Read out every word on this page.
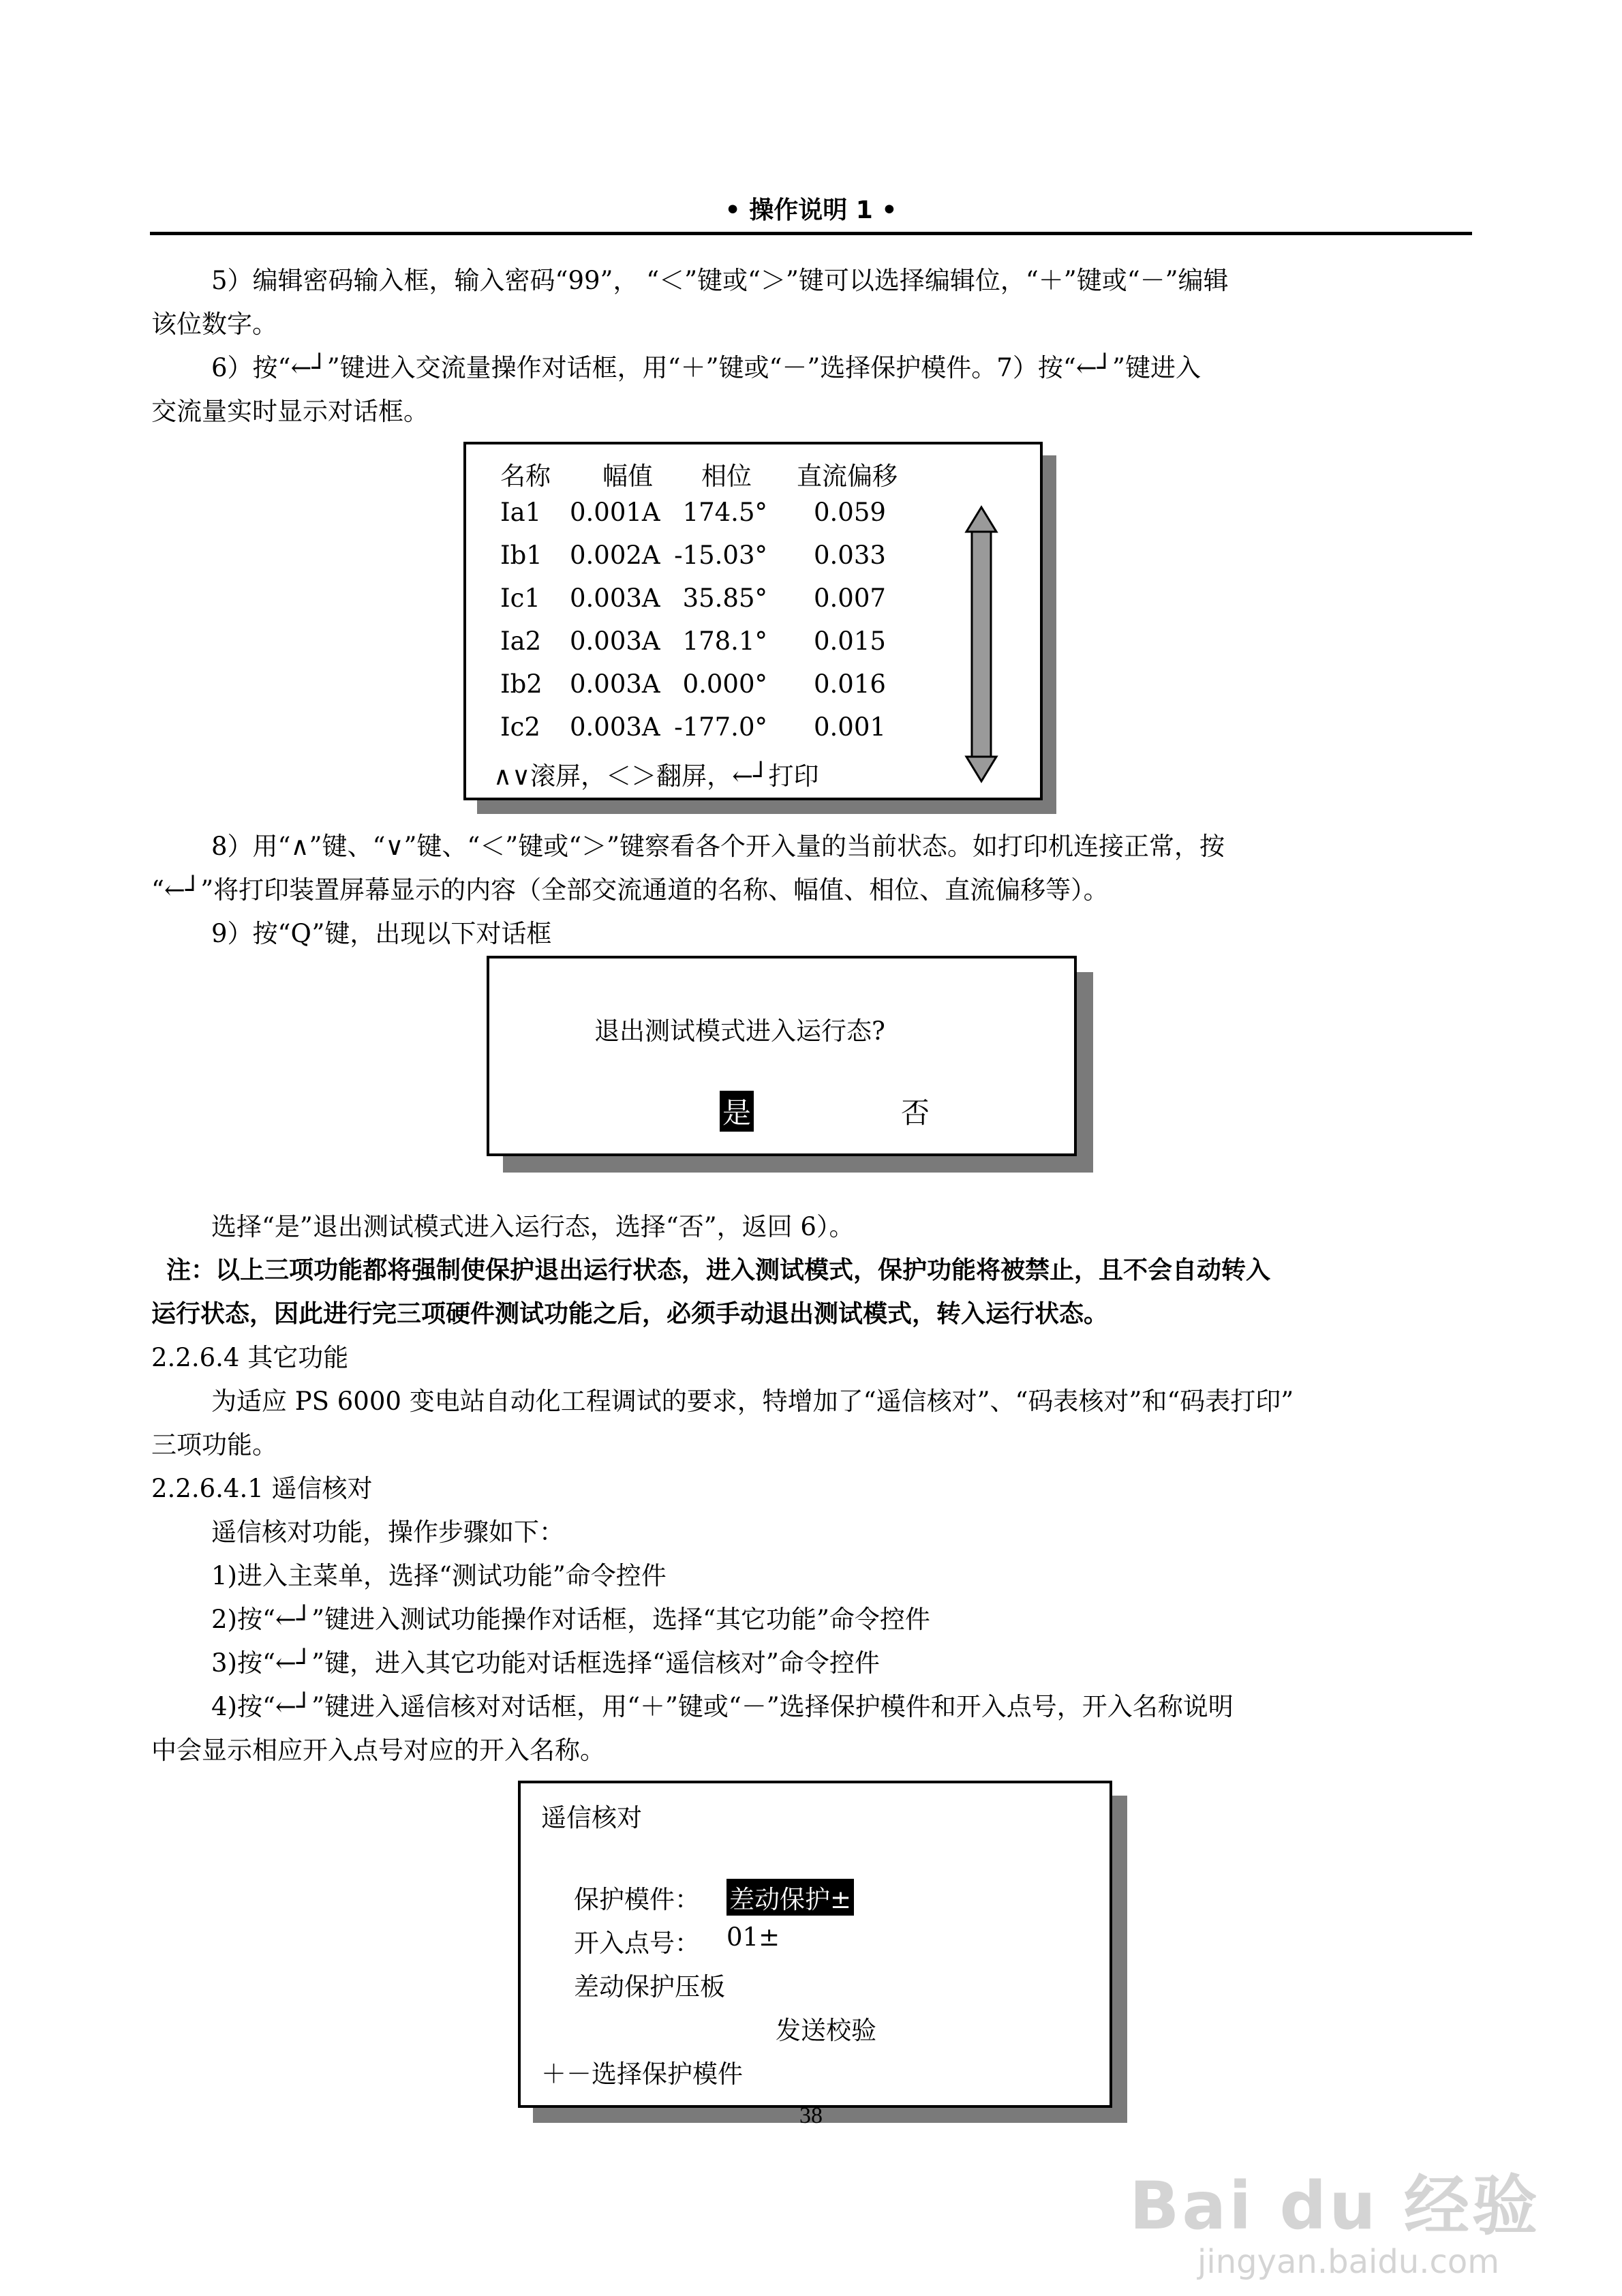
• 操作说明 1 •
5）编辑密码输入框，输入密码“99”， “＜”键或“＞”键可以选择编辑位，“＋”键或“－”编辑
该位数字。
6）按“←┘”键进入交流量操作对话框，用“＋”键或“－”选择保护模件。7）按“←┘”键进入
交流量实时显示对话框。
名称 幅值 相位 直流偏移
Ia1 0.001A 174.5° 0.059
Ib1 0.002A -15.03° 0.033
Ic1 0.003A 35.85° 0.007
Ia2 0.003A 178.1° 0.015
Ib2 0.003A 0.000° 0.016
Ic2 0.003A -177.0° 0.001
∧∨滚屏，＜＞翻屏，←┘打印
8）用“∧”键、“∨”键、“＜”键或“＞”键察看各个开入量的当前状态。如打印机连接正常，按
“←┘”将打印装置屏幕显示的内容（全部交流通道的名称、幅值、相位、直流偏移等）。
9）按“Q”键，出现以下对话框
退出测试模式进入运行态?
是	否
选择“是”退出测试模式进入运行态，选择“否”，返回 6）。
注：以上三项功能都将强制使保护退出运行状态，进入测试模式，保护功能将被禁止，且不会自动转入
运行状态，因此进行完三项硬件测试功能之后，必须手动退出测试模式，转入运行状态。
2.2.6.4 其它功能
为适应 PS 6000 变电站自动化工程调试的要求，特增加了“遥信核对”、“码表核对”和“码表打印”
三项功能。
2.2.6.4.1 遥信核对
遥信核对功能，操作步骤如下：
1)进入主菜单，选择“测试功能”命令控件
2)按“←┘”键进入测试功能操作对话框，选择“其它功能”命令控件
3)按“←┘”键，进入其它功能对话框选择“遥信核对”命令控件
4)按“←┘”键进入遥信核对对话框，用“＋”键或“－”选择保护模件和开入点号，开入名称说明
中会显示相应开入点号对应的开入名称。
遥信核对
保护模件： 差动保护±
开入点号： 01±
差动保护压板
发送校验
＋－选择保护模件
38
Bai du 经验
jingyan.baidu.com
